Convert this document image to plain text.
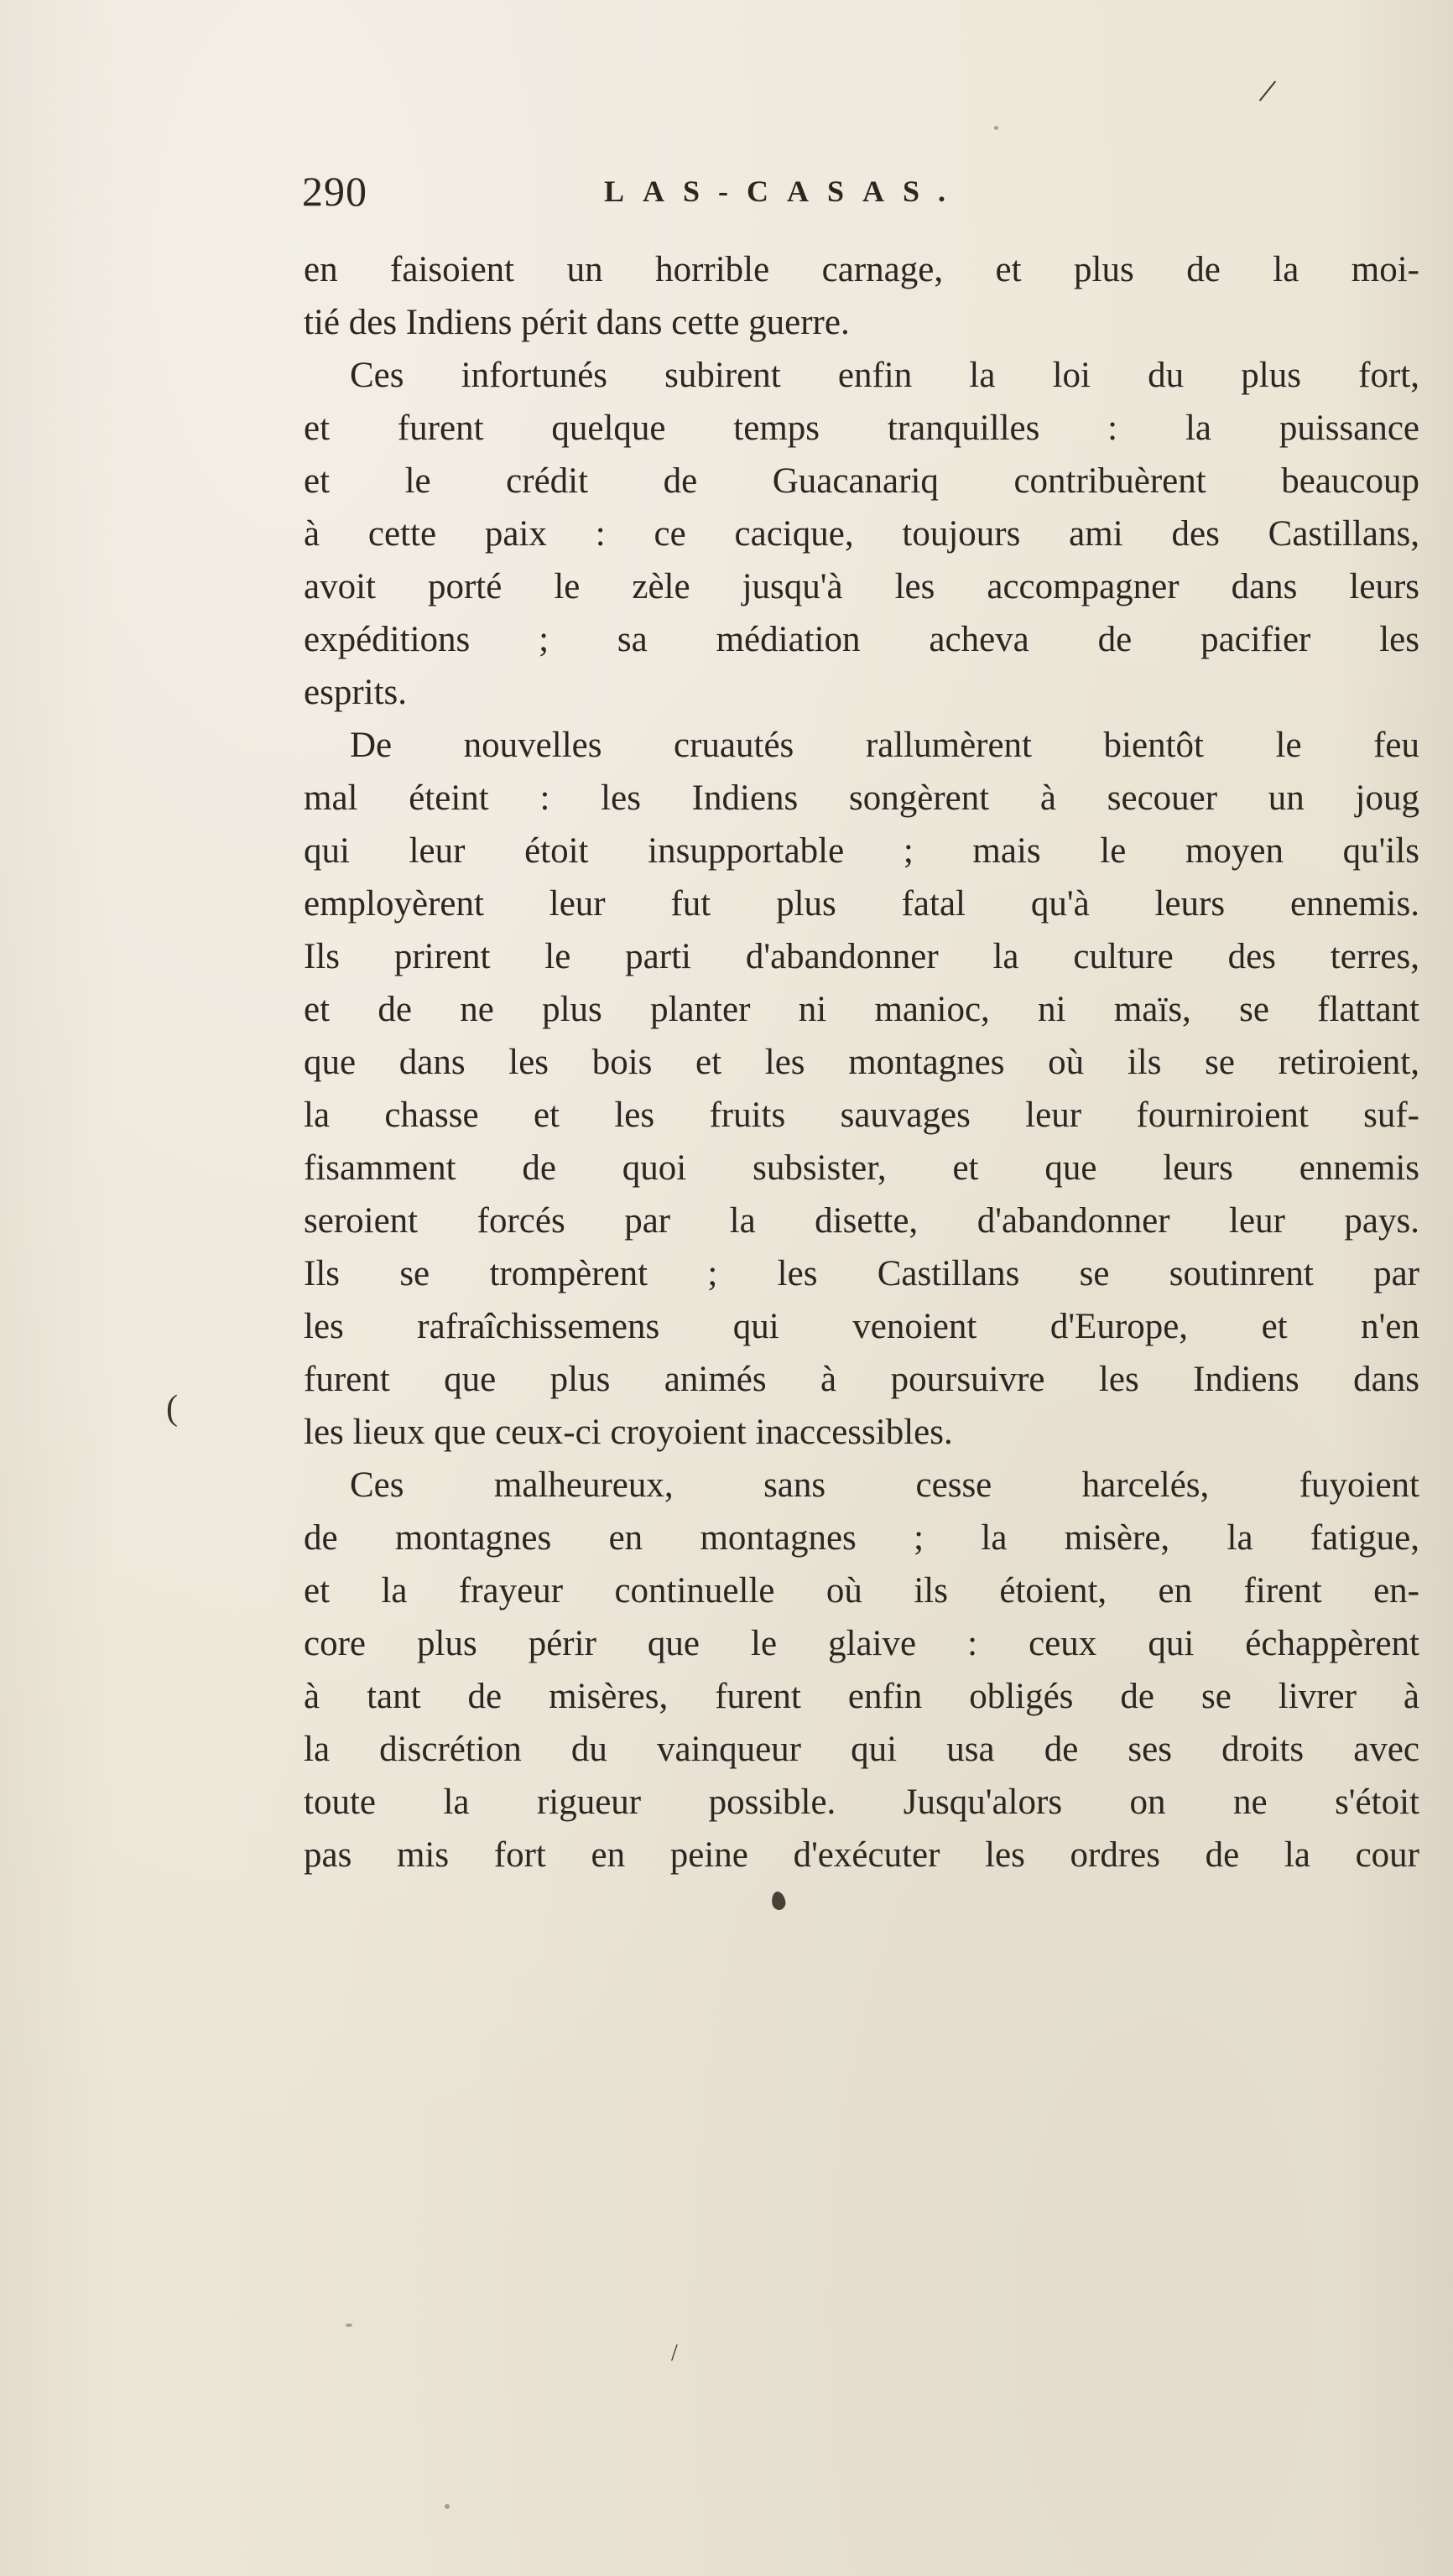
290	LAS-CASAS.
en faisoient un horrible carnage, et plus de la moi-
tié des Indiens périt dans cette guerre.
Ces infortunés subirent enfin la loi du plus fort,
et furent quelque temps tranquilles : la puissance
et le crédit de Guacanariq contribuèrent beaucoup
à cette paix : ce cacique, toujours ami des Castillans,
avoit porté le zèle jusqu'à les accompagner dans leurs
expéditions ; sa médiation acheva de pacifier les
esprits.
De nouvelles cruautés rallumèrent bientôt le feu
mal éteint : les Indiens songèrent à secouer un joug
qui leur étoit insupportable ; mais le moyen qu'ils
employèrent leur fut plus fatal qu'à leurs ennemis.
Ils prirent le parti d'abandonner la culture des terres,
et de ne plus planter ni manioc, ni maïs, se flattant
que dans les bois et les montagnes où ils se retiroient,
la chasse et les fruits sauvages leur fourniroient suf-
fisamment de quoi subsister, et que leurs ennemis
seroient forcés par la disette, d'abandonner leur pays.
Ils se trompèrent ; les Castillans se soutinrent par
les rafraîchissemens qui venoient d'Europe, et n'en
furent que plus animés à poursuivre les Indiens dans
les lieux que ceux-ci croyoient inaccessibles.
Ces malheureux, sans cesse harcelés, fuyoient
de montagnes en montagnes ; la misère, la fatigue,
et la frayeur continuelle où ils étoient, en firent en-
core plus périr que le glaive : ceux qui échappèrent
à tant de misères, furent enfin obligés de se livrer à
la discrétion du vainqueur qui usa de ses droits avec
toute la rigueur possible. Jusqu'alors on ne s'étoit
pas mis fort en peine d'exécuter les ordres de la cour
/
(
/
